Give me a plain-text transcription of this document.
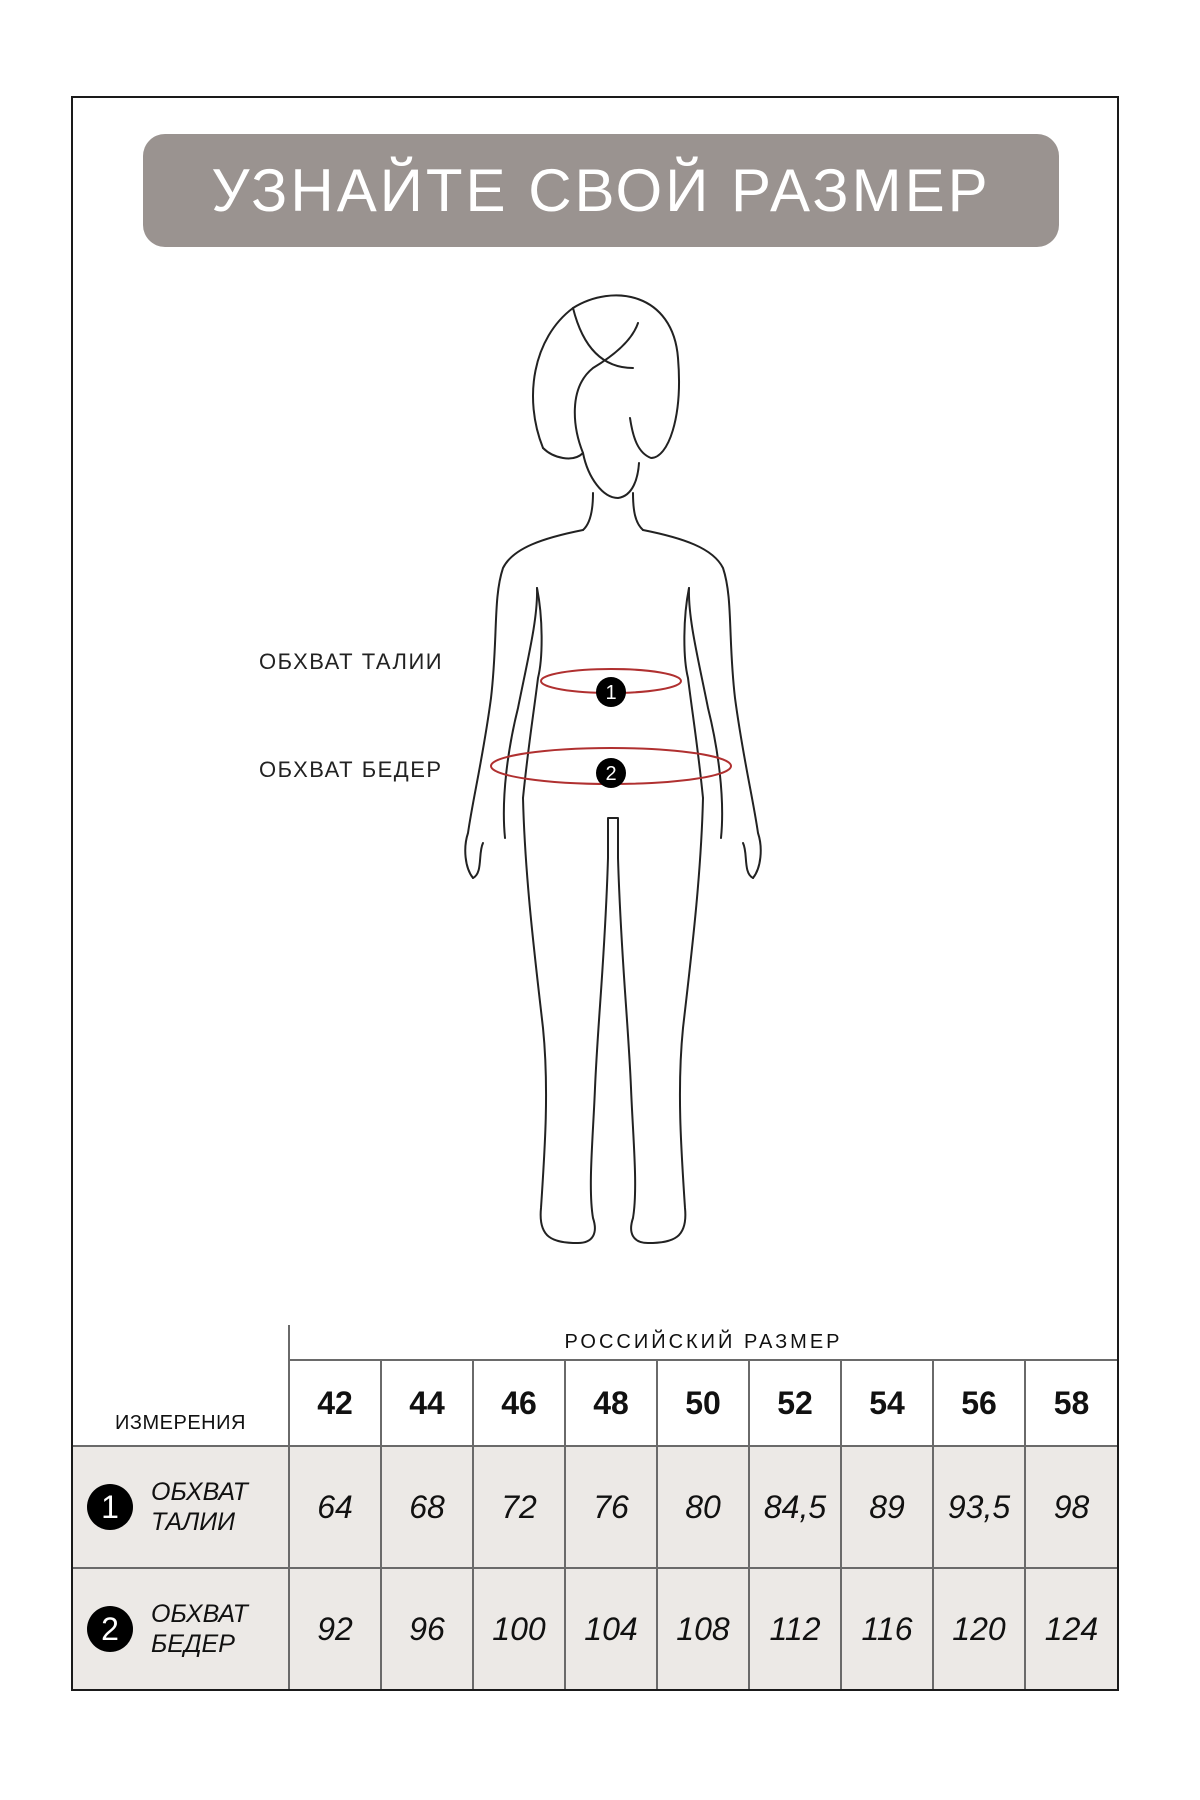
УЗНАЙТЕ СВОЙ РАЗМЕР
1
2
ОБХВАТ ТАЛИИ
ОБХВАТ БЕДЕР
ИЗМЕРЕНИЯ	РОССИЙСКИЙ РАЗМЕР								
	42	44	46	48	50	52	54	56	58

1 ОБХВАТ
ТАЛИИ	64	68	72	76	80	84,5	89	93,5	98

2 ОБХВАТ
БЕДЕР	92	96	100	104	108	112	116	120	124
